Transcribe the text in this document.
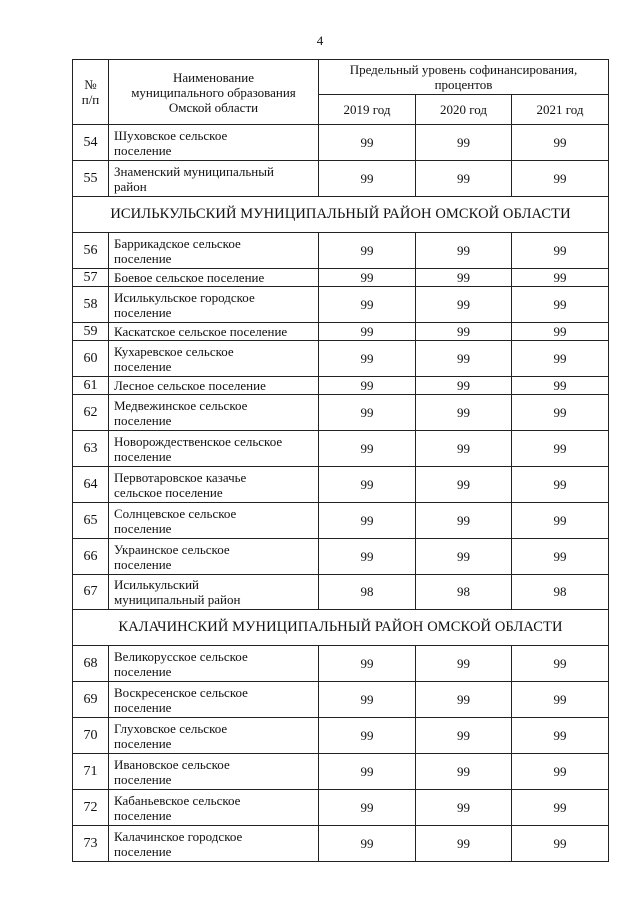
4
№
п/п	Наименование
муниципального образования
Омской области	Предельный уровень софинансирования,
процентов		
		2019 год	2020 год	2021 год
54	Шуховское сельское
поселение	99	99	99
55	Знаменский муниципальный
район	99	99	99
ИСИЛЬКУЛЬСКИЙ МУНИЦИПАЛЬНЫЙ РАЙОН ОМСКОЙ ОБЛАСТИ				
56	Баррикадское сельское
поселение	99	99	99
57	Боевое сельское поселение	99	99	99
58	Исилькульское городское
поселение	99	99	99
59	Каскатское сельское поселение	99	99	99
60	Кухаревское сельское
поселение	99	99	99
61	Лесное сельское поселение	99	99	99
62	Медвежинское сельское
поселение	99	99	99
63	Новорождественское сельское
поселение	99	99	99
64	Первотаровское казачье
сельское поселение	99	99	99
65	Солнцевское сельское
поселение	99	99	99
66	Украинское сельское
поселение	99	99	99
67	Исилькульский
муниципальный район	98	98	98
КАЛАЧИНСКИЙ МУНИЦИПАЛЬНЫЙ РАЙОН ОМСКОЙ ОБЛАСТИ				
68	Великорусское сельское
поселение	99	99	99
69	Воскресенское сельское
поселение	99	99	99
70	Глуховское сельское
поселение	99	99	99
71	Ивановское сельское
поселение	99	99	99
72	Кабаньевское сельское
поселение	99	99	99
73	Калачинское городское
поселение	99	99	99
